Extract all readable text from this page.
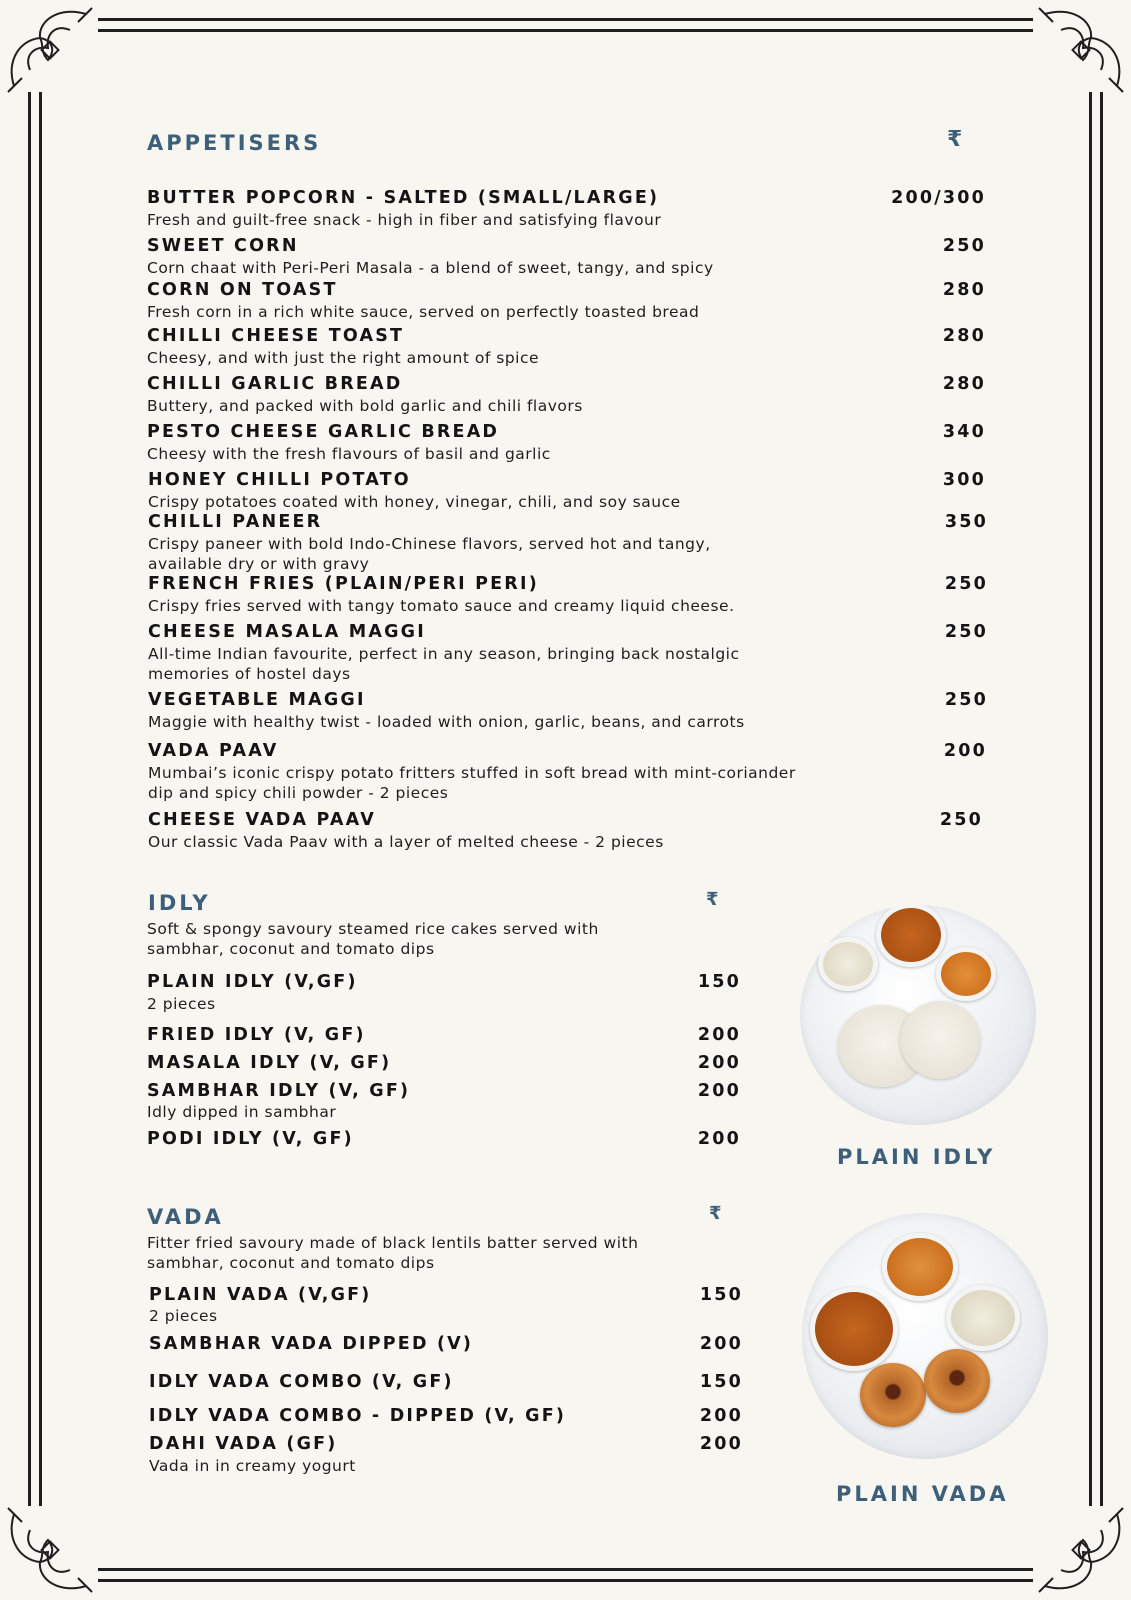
APPETISERS	₹
BUTTER POPCORN - SALTED (SMALL/LARGE)	200/300
Fresh and guilt-free snack - high in fiber and satisfying flavour
SWEET CORN	250
Corn chaat with Peri-Peri Masala - a blend of sweet, tangy, and spicy
CORN ON TOAST	280
Fresh corn in a rich white sauce, served on perfectly toasted bread
CHILLI CHEESE TOAST	280
Cheesy, and with just the right amount of spice
CHILLI GARLIC BREAD	280
Buttery, and packed with bold garlic and chili flavors
PESTO CHEESE GARLIC BREAD	340
Cheesy with the fresh flavours of basil and garlic
HONEY CHILLI POTATO	300
Crispy potatoes coated with honey, vinegar, chili, and soy sauce
CHILLI PANEER	350
Crispy paneer with bold Indo-Chinese flavors, served hot and tangy,
available dry or with gravy
FRENCH FRIES (PLAIN/PERI PERI)	250
Crispy fries served with tangy tomato sauce and creamy liquid cheese.
CHEESE MASALA MAGGI	250
All-time Indian favourite, perfect in any season, bringing back nostalgic
memories of hostel days
VEGETABLE MAGGI	250
Maggie with healthy twist - loaded with onion, garlic, beans, and carrots
VADA PAAV	200
Mumbai’s iconic crispy potato fritters stuffed in soft bread with mint-coriander
dip and spicy chili powder - 2 pieces
CHEESE VADA PAAV	250
Our classic Vada Paav with a layer of melted cheese - 2 pieces
IDLY	₹
Soft & spongy savoury steamed rice cakes served with
sambhar, coconut and tomato dips
PLAIN IDLY (V,GF)	150
2 pieces
FRIED IDLY (V, GF)	200
MASALA IDLY (V, GF)	200
SAMBHAR IDLY (V, GF)	200
Idly dipped in sambhar
PODI IDLY (V, GF)	200
PLAIN IDLY
VADA	₹
Fitter fried savoury made of black lentils batter served with
sambhar, coconut and tomato dips
PLAIN VADA (V,GF)	150
2 pieces
SAMBHAR VADA DIPPED (V)	200
IDLY VADA COMBO (V, GF)	150
IDLY VADA COMBO - DIPPED (V, GF)	200
DAHI VADA (GF)	200
Vada in in creamy yogurt
PLAIN VADA
